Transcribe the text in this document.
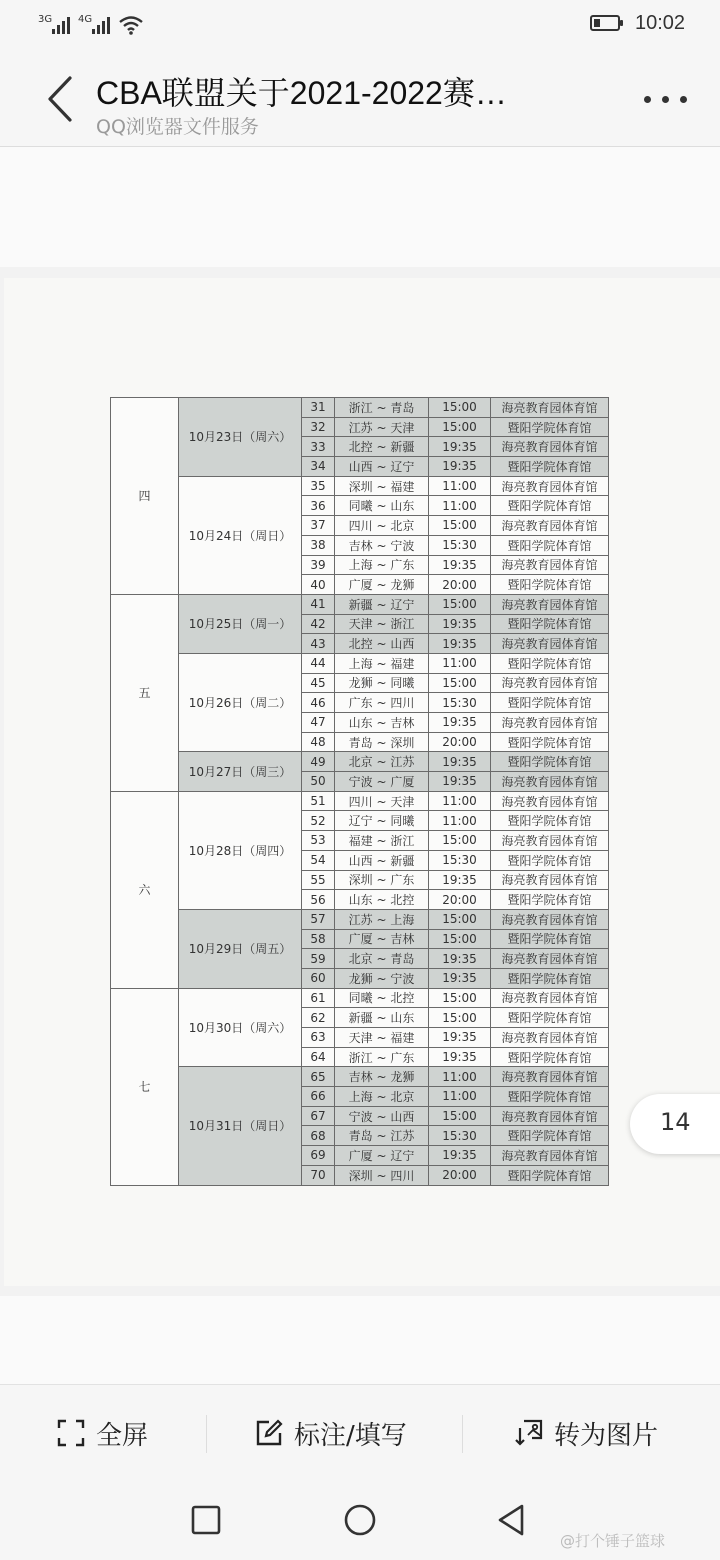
3G	4G	10:02
CBA联盟关于2021-2022赛…
QQ浏览器文件服务
四	10月23日（周六）	31	浙江 ~ 青岛	15:00	海亮教育园体育馆
		32	江苏 ~ 天津	15:00	暨阳学院体育馆
		33	北控 ~ 新疆	19:35	海亮教育园体育馆
		34	山西 ~ 辽宁	19:35	暨阳学院体育馆
	10月24日（周日）	35	深圳 ~ 福建	11:00	海亮教育园体育馆
		36	同曦 ~ 山东	11:00	暨阳学院体育馆
		37	四川 ~ 北京	15:00	海亮教育园体育馆
		38	吉林 ~ 宁波	15:30	暨阳学院体育馆
		39	上海 ~ 广东	19:35	海亮教育园体育馆
		40	广厦 ~ 龙狮	20:00	暨阳学院体育馆
五	10月25日（周一）	41	新疆 ~ 辽宁	15:00	海亮教育园体育馆
		42	天津 ~ 浙江	19:35	暨阳学院体育馆
		43	北控 ~ 山西	19:35	海亮教育园体育馆
	10月26日（周二）	44	上海 ~ 福建	11:00	暨阳学院体育馆
		45	龙狮 ~ 同曦	15:00	海亮教育园体育馆
		46	广东 ~ 四川	15:30	暨阳学院体育馆
		47	山东 ~ 吉林	19:35	海亮教育园体育馆
		48	青岛 ~ 深圳	20:00	暨阳学院体育馆
	10月27日（周三）	49	北京 ~ 江苏	19:35	暨阳学院体育馆
		50	宁波 ~ 广厦	19:35	海亮教育园体育馆
六	10月28日（周四）	51	四川 ~ 天津	11:00	海亮教育园体育馆
		52	辽宁 ~ 同曦	11:00	暨阳学院体育馆
		53	福建 ~ 浙江	15:00	海亮教育园体育馆
		54	山西 ~ 新疆	15:30	暨阳学院体育馆
		55	深圳 ~ 广东	19:35	海亮教育园体育馆
		56	山东 ~ 北控	20:00	暨阳学院体育馆
	10月29日（周五）	57	江苏 ~ 上海	15:00	海亮教育园体育馆
		58	广厦 ~ 吉林	15:00	暨阳学院体育馆
		59	北京 ~ 青岛	19:35	海亮教育园体育馆
		60	龙狮 ~ 宁波	19:35	暨阳学院体育馆
七	10月30日（周六）	61	同曦 ~ 北控	15:00	海亮教育园体育馆
		62	新疆 ~ 山东	15:00	暨阳学院体育馆
		63	天津 ~ 福建	19:35	海亮教育园体育馆
		64	浙江 ~ 广东	19:35	暨阳学院体育馆
	10月31日（周日）	65	吉林 ~ 龙狮	11:00	海亮教育园体育馆
		66	上海 ~ 北京	11:00	暨阳学院体育馆
		67	宁波 ~ 山西	15:00	海亮教育园体育馆
		68	青岛 ~ 江苏	15:30	暨阳学院体育馆
		69	广厦 ~ 辽宁	19:35	海亮教育园体育馆
		70	深圳 ~ 四川	20:00	暨阳学院体育馆
14
全屏	标注/填写	转为图片
@打个锤子篮球
